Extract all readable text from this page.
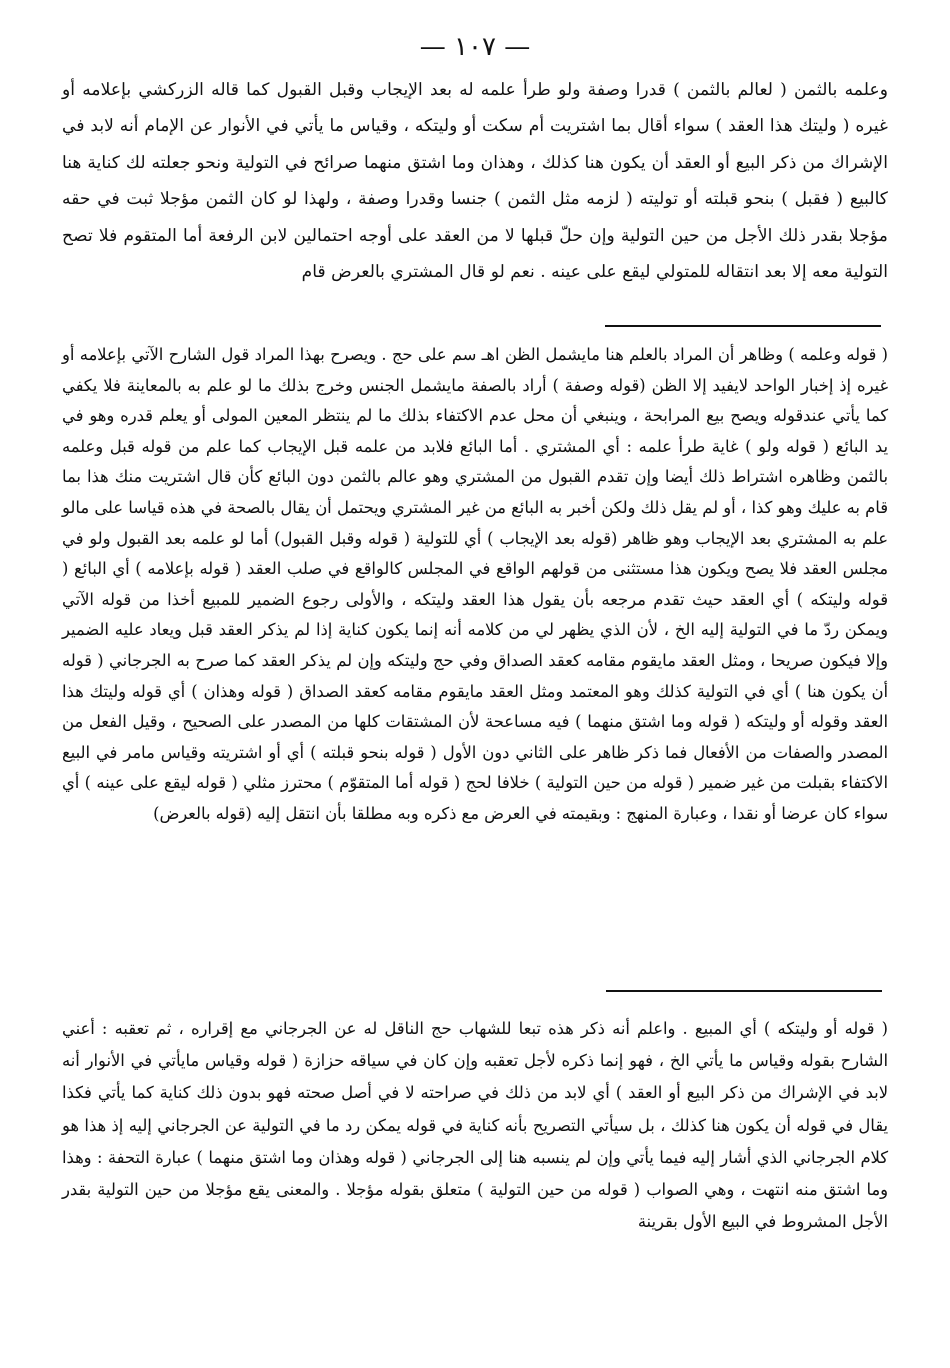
— ١٠٧ —

وعلمه بالثمن ( لعالم بالثمن ) قدرا وصفة ولو طرأ علمه له بعد الإيجاب وقبل القبول كما قاله الزركشي بإعلامه أو غيره ( وليتك هذا العقد ) سواء أقال بما اشتريت أم سكت أو وليتكه ، وقياس ما يأتي في الأنوار عن الإمام أنه لابد في الإشراك من ذكر البيع أو العقد أن يكون هنا كذلك ، وهذان وما اشتق منهما صرائح في التولية ونحو جعلته لك كناية هنا كالبيع ( فقبل ) بنحو قبلته أو توليته ( لزمه مثل الثمن ) جنسا وقدرا وصفة ، ولهذا لو كان الثمن مؤجلا ثبت في حقه مؤجلا بقدر ذلك الأجل من حين التولية وإن حلّ قبلها لا من العقد على أوجه احتمالين لابن الرفعة أما المتقوم فلا تصح التولية معه إلا بعد انتقاله للمتولي ليقع على عينه . نعم لو قال المشتري بالعرض قام

( قوله وعلمه ) وظاهر أن المراد بالعلم هنا مايشمل الظن اهـ سم على حج . ويصرح بهذا المراد قول الشارح الآتي بإعلامه أو غيره إذ إخبار الواحد لايفيد إلا الظن (قوله وصفة ) أراد بالصفة مايشمل الجنس وخرج بذلك ما لو علم به بالمعاينة فلا يكفي كما يأتي عندقوله ويصح بيع المرابحة ، وينبغي أن محل عدم الاكتفاء بذلك ما لم ينتظر المعين المولى أو يعلم قدره وهو في يد البائع ( قوله ولو ) غاية طرأ علمه : أي المشتري . أما البائع فلابد من علمه قبل الإيجاب كما علم من قوله قبل وعلمه بالثمن وظاهره اشتراط ذلك أيضا وإن تقدم القبول من المشتري وهو عالم بالثمن دون البائع كأن قال اشتريت منك هذا بما قام به عليك وهو كذا ، أو لم يقل ذلك ولكن أخبر به البائع من غير المشتري ويحتمل أن يقال بالصحة في هذه قياسا على مالو علم به المشتري بعد الإيجاب وهو ظاهر (قوله بعد الإيجاب ) أي للتولية ( قوله وقبل القبول) أما لو علمه بعد القبول ولو في مجلس العقد فلا يصح ويكون هذا مستثنى من قولهم الواقع في المجلس كالواقع في صلب العقد ( قوله بإعلامه ) أي البائع ( قوله وليتكه ) أي العقد حيث تقدم مرجعه بأن يقول هذا العقد وليتكه ، والأولى رجوع الضمير للمبيع أخذا من قوله الآتي ويمكن ردّ ما في التولية إليه الخ ، لأن الذي يظهر لي من كلامه أنه إنما يكون كناية إذا لم يذكر العقد قبل ويعاد عليه الضمير وإلا فيكون صريحا ، ومثل العقد مايقوم مقامه كعقد الصداق وفي حج وليتكه وإن لم يذكر العقد كما صرح به الجرجاني ( قوله أن يكون هنا ) أي في التولية كذلك وهو المعتمد ومثل العقد مايقوم مقامه كعقد الصداق ( قوله وهذان ) أي قوله وليتك هذا العقد وقوله أو وليتكه ( قوله وما اشتق منهما ) فيه مساعحة لأن المشتقات كلها من المصدر على الصحيح ، وقيل الفعل من المصدر والصفات من الأفعال فما ذكر ظاهر على الثاني دون الأول ( قوله بنحو قبلته ) أي أو اشتريته وقياس مامر في البيع الاكتفاء بقبلت من غير ضمير ( قوله من حين التولية ) خلافا لحج ( قوله أما المتقوّم ) محترز مثلي ( قوله ليقع على عينه ) أي سواء كان عرضا أو نقدا ، وعبارة المنهج : وبقيمته في العرض مع ذكره وبه مطلقا بأن انتقل إليه (قوله بالعرض)

( قوله أو وليتكه ) أي المبيع . واعلم أنه ذكر هذه تبعا للشهاب حج الناقل له عن الجرجاني مع إقراره ، ثم تعقبه : أعني الشارح بقوله وقياس ما يأتي الخ ، فهو إنما ذكره لأجل تعقبه وإن كان في سياقه حزازة ( قوله وقياس مايأتي في الأنوار أنه لابد في الإشراك من ذكر البيع أو العقد ) أي لابد من ذلك في صراحته لا في أصل صحته فهو بدون ذلك كناية كما يأتي فكذا يقال في قوله أن يكون هنا كذلك ، بل سيأتي التصريح بأنه كناية في قوله يمكن رد ما في التولية عن الجرجاني إليه إذ هذا هو كلام الجرجاني الذي أشار إليه فيما يأتي وإن لم ينسبه هنا إلى الجرجاني ( قوله وهذان وما اشتق منهما ) عبارة التحفة : وهذا وما اشتق منه انتهت ، وهي الصواب ( قوله من حين التولية ) متعلق بقوله مؤجلا . والمعنى يقع مؤجلا من حين التولية بقدر الأجل المشروط في البيع الأول بقرينة
